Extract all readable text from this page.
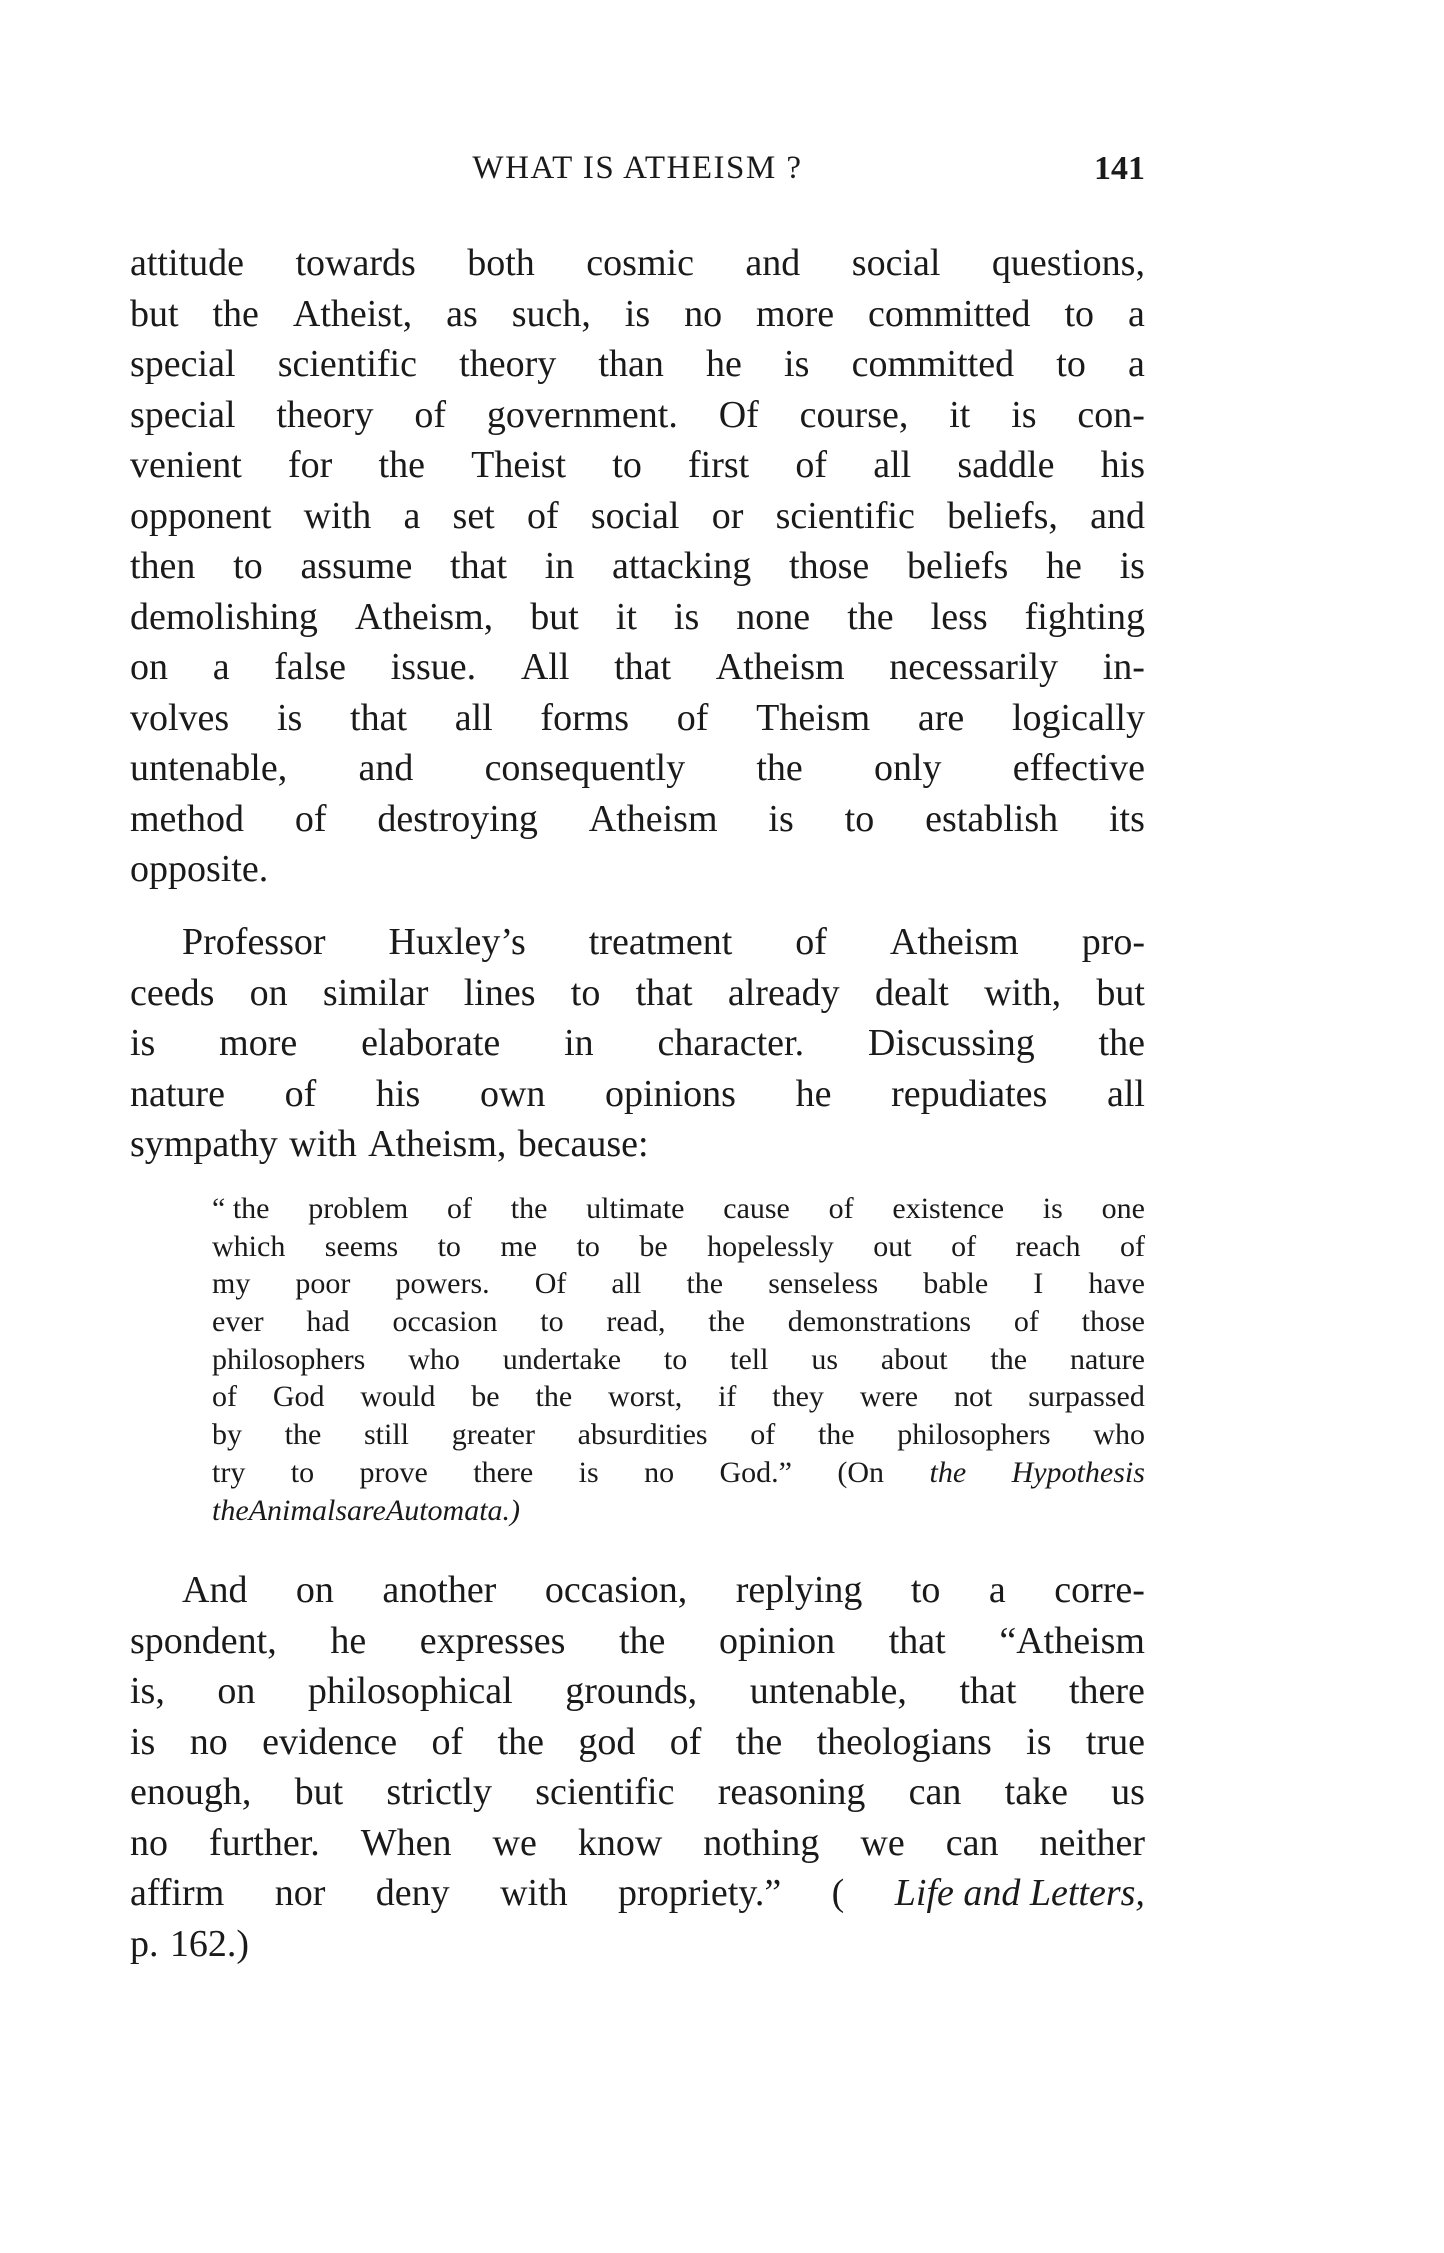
WHAT IS ATHEISM ?	141
attitude towards both cosmic and social questions,
but the Atheist, as such, is no more committed to a
special scientific theory than he is committed to a
special theory of government. Of course, it is con-
venient for the Theist to first of all saddle his
opponent with a set of social or scientific beliefs, and
then to assume that in attacking those beliefs he is
demolishing Atheism, but it is none the less fighting
on a false issue. All that Atheism necessarily in-
volves is that all forms of Theism are logically
untenable, and consequently the only effective
method of destroying Atheism is to establish its
opposite.
Professor Huxley’s treatment of Atheism pro-
ceeds on similar lines to that already dealt with, but
is more elaborate in character. Discussing the
nature of his own opinions he repudiates all
sympathy with Atheism, because:
“ the problem of the ultimate cause of existence is one
which seems to me to be hopelessly out of reach of
my poor powers. Of all the senseless bable I have
ever had occasion to read, the demonstrations of those
philosophers who undertake to tell us about the nature
of God would be the worst, if they were not surpassed
by the still greater absurdities of the philosophers who
try to prove there is no God.” (On the Hypothesis
the Animals are Automata.)
And on another occasion, replying to a corre-
spondent, he expresses the opinion that “Atheism
is, on philosophical grounds, untenable, that there
is no evidence of the god of the theologians is true
enough, but strictly scientific reasoning can take us
no further. When we know nothing we can neither
affirm nor deny with propriety.” ( Life and Letters,
p. 162.)
